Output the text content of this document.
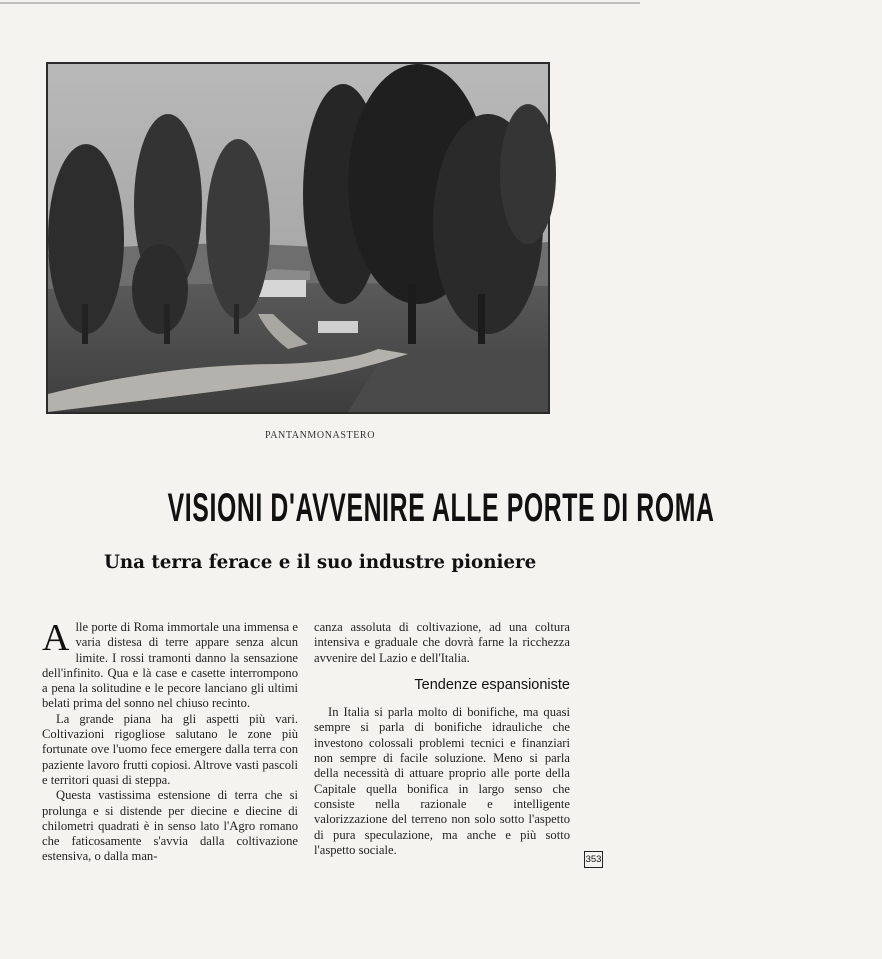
PANTANMONASTERO
VISIONI D'AVVENIRE ALLE PORTE DI ROMA
Una terra ferace e il suo industre pioniere
A lle porte di Roma immortale una immensa e varia distesa di terre appare senza alcun limite. I rossi tramonti danno la sensazione dell'infinito. Qua e là case e casette interrompono a pena la solitudine e le pecore lanciano gli ultimi belati prima del sonno nel chiuso recinto.

La grande piana ha gli aspetti più vari. Coltivazioni rigogliose salutano le zone più fortunate ove l'uomo fece emergere dalla terra con paziente lavoro frutti copiosi. Altrove vasti pascoli e territori quasi di steppa.

Questa vastissima estensione di terra che si prolunga e si distende per diecine e diecine di chilometri quadrati è in senso lato l'Agro romano che faticosamente s'avvia dalla coltivazione estensiva, o dalla man-

canza assoluta di coltivazione, ad una coltura intensiva e graduale che dovrà farne la ricchezza avvenire del Lazio e dell'Italia.

Tendenze espansioniste

In Italia si parla molto di bonifiche, ma quasi sempre si parla di bonifiche idrauliche che investono colossali problemi tecnici e finanziari non sempre di facile soluzione. Meno si parla della necessità di attuare proprio alle porte della Capitale quella bonifica in largo senso che consiste nella razionale e intelligente valorizzazione del terreno non solo sotto l'aspetto di pura speculazione, ma anche e più sotto l'aspetto sociale.

353
